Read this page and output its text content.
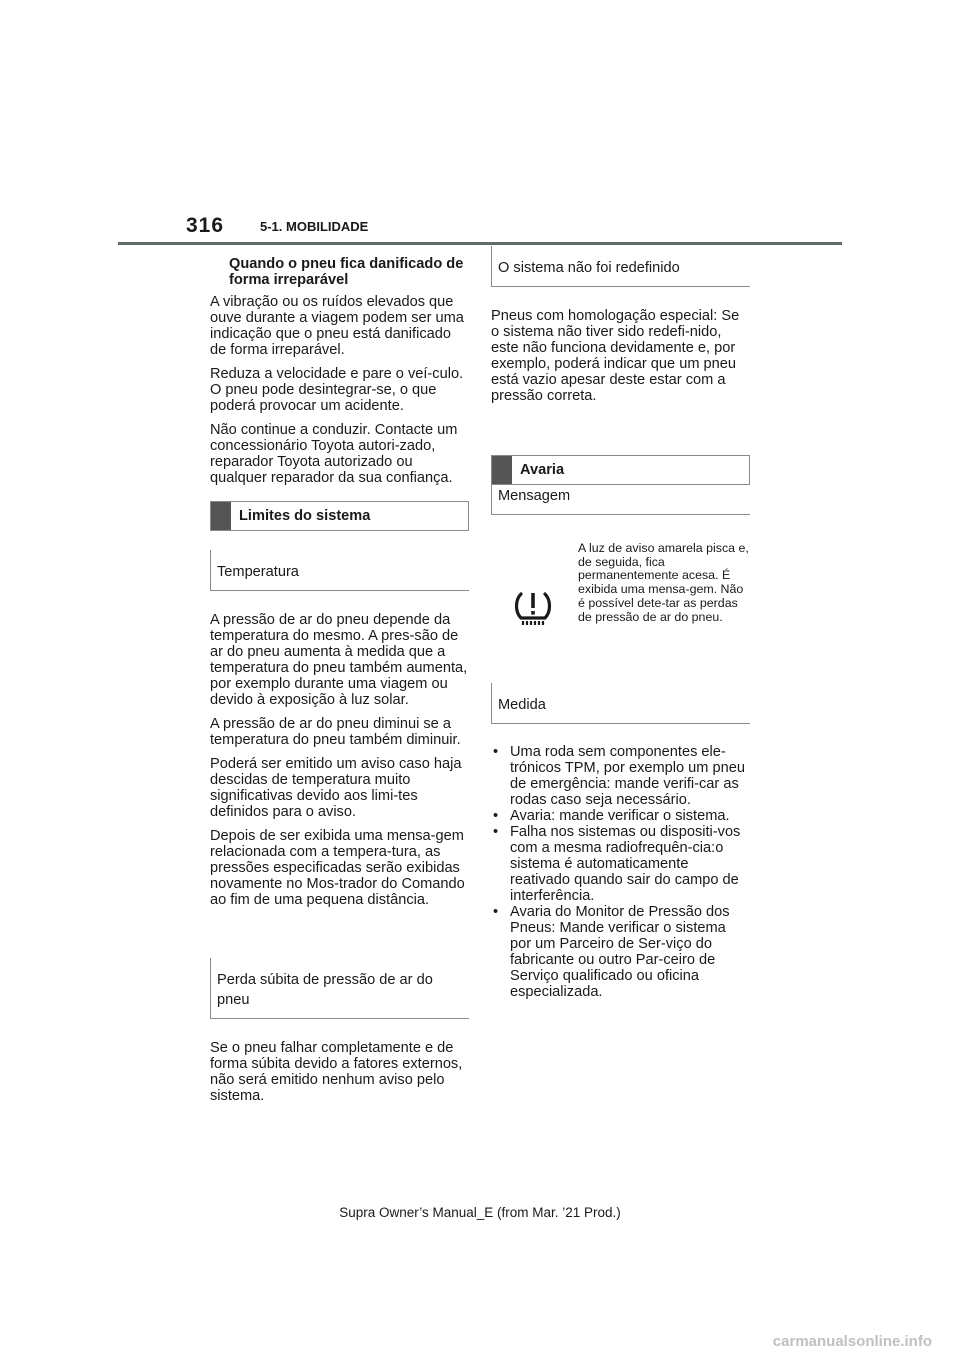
316	5-1. MOBILIDADE
Quando o pneu fica danificado de forma irreparável

A vibração ou os ruídos elevados que ouve durante a viagem podem ser uma indicação que o pneu está danificado de forma irreparável.

Reduza a velocidade e pare o veí-culo. O pneu pode desintegrar-se, o que poderá provocar um acidente.

Não continue a conduzir. Contacte um concessionário Toyota autori-zado, reparador Toyota autorizado ou qualquer reparador da sua confiança.

Limites do sistema
Temperatura

A pressão de ar do pneu depende da temperatura do mesmo. A pres-são de ar do pneu aumenta à medida que a temperatura do pneu também aumenta, por exemplo durante uma viagem ou devido à exposição à luz solar.

A pressão de ar do pneu diminui se a temperatura do pneu também diminuir.

Poderá ser emitido um aviso caso haja descidas de temperatura muito significativas devido aos limi-tes definidos para o aviso.

Depois de ser exibida uma mensa-gem relacionada com a tempera-tura, as pressões especificadas serão exibidas novamente no Mos-trador do Comando ao fim de uma pequena distância.

Perda súbita de pressão de ar do pneu

Se o pneu falhar completamente e de forma súbita devido a fatores externos, não será emitido nenhum aviso pelo sistema.

O sistema não foi redefinido

Pneus com homologação especial: Se o sistema não tiver sido redefi-nido, este não funciona devidamente e, por exemplo, poderá indicar que um pneu está vazio apesar deste estar com a pressão correta.

Avaria
Mensagem
A luz de aviso amarela pisca e, de seguida, fica permanentemente acesa. É exibida uma mensa-gem. Não é possível dete-tar as perdas de pressão de ar do pneu.
Medida
• Uma roda sem componentes ele-trónicos TPM, por exemplo um pneu de emergência: mande verifi-car as rodas caso seja necessário.
• Avaria: mande verificar o sistema.
• Falha nos sistemas ou dispositi-vos com a mesma radiofrequên-cia:o sistema é automaticamente reativado quando sair do campo de interferência.
• Avaria do Monitor de Pressão dos Pneus: Mande verificar o sistema por um Parceiro de Ser-viço do fabricante ou outro Par-ceiro de Serviço qualificado ou oficina especializada.
Supra Owner’s Manual_E (from Mar. ’21 Prod.)
carmanualsonline.info
